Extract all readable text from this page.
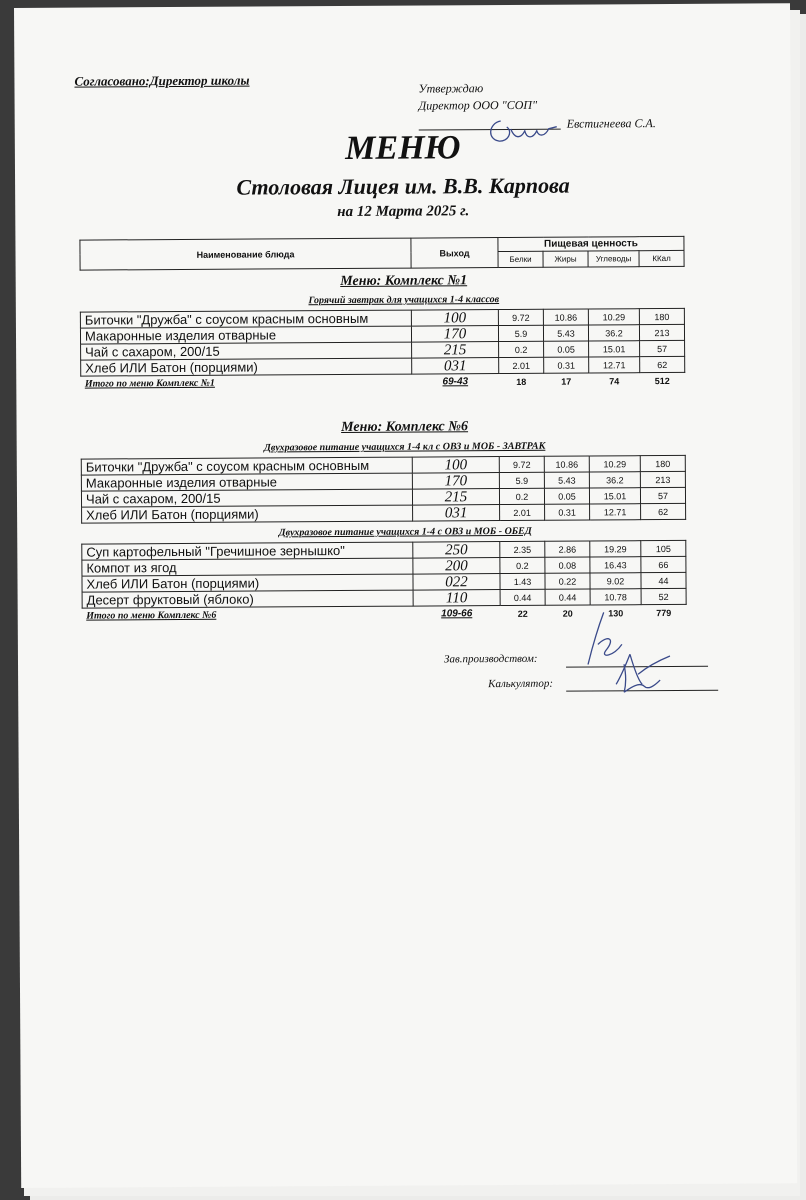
Согласовано:Директор школы	Утверждаю
Директор ООО "СОП"
Евстигнеева С.А.
МЕНЮ
Столовая Лицея им. В.В. Карпова
на 12 Марта 2025 г.
Наименование блюда	Выход	Пищевая ценность			
		Белки	Жиры	Углеводы	ККал
Меню: Комплекс №1
Горячий завтрак для учащихся 1-4 классов
Биточки "Дружба" с соусом красным основным	100	9.72	10.86	10.29	180
Макаронные изделия отварные	170	5.9	5.43	36.2	213
Чай с сахаром, 200/15	215	0.2	0.05	15.01	57
Хлеб ИЛИ Батон (порциями)	031	2.01	0.31	12.71	62
Итого по меню Комплекс №1	69-43	18	17	74	512
Меню: Комплекс №6
Двухразовое питание учащихся 1-4 кл с ОВЗ и МОБ - ЗАВТРАК
Биточки "Дружба" с соусом красным основным	100	9.72	10.86	10.29	180
Макаронные изделия отварные	170	5.9	5.43	36.2	213
Чай с сахаром, 200/15	215	0.2	0.05	15.01	57
Хлеб ИЛИ Батон (порциями)	031	2.01	0.31	12.71	62
Двухразовое питание учащихся 1-4 с ОВЗ и МОБ - ОБЕД
Суп картофельный "Гречишное зернышко"	250	2.35	2.86	19.29	105
Компот из ягод	200	0.2	0.08	16.43	66
Хлеб ИЛИ Батон (порциями)	022	1.43	0.22	9.02	44
Десерт фруктовый (яблоко)	110	0.44	0.44	10.78	52
Итого по меню Комплекс №6	109-66	22	20	130	779
Зав.производством:
Калькулятор:
